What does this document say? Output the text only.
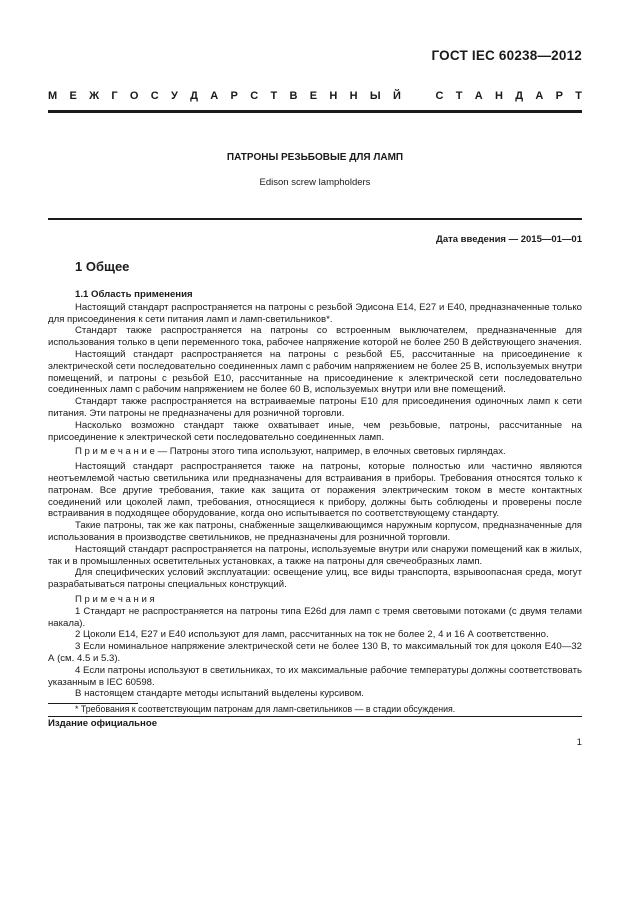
ГОСТ IEC 60238—2012
М Е Ж Г О С У Д А Р С Т В Е Н Н Ы Й	С Т А Н Д А Р Т
ПАТРОНЫ РЕЗЬБОВЫЕ ДЛЯ ЛАМП
Edison screw lampholders
Дата введения — 2015—01—01
1 Общее

1.1 Область применения

Настоящий стандарт распространяется на патроны с резьбой Эдисона E14, E27 и E40, предназначенные только для присоединения к сети питания ламп и ламп-светильников*.

Стандарт также распространяется на патроны со встроенным выключателем, предназначенные для использования только в цепи переменного тока, рабочее напряжение которой не более 250 В действующего значения.

Настоящий стандарт распространяется на патроны с резьбой E5, рассчитанные на присоединение к электрической сети последовательно соединенных ламп с рабочим напряжением не более 25 В, используемых внутри помещений, и патроны с резьбой E10, рассчитанные на присоединение к электрической сети последовательно соединенных ламп с рабочим напряжением не более 60 В, используемых внутри или вне помещений.

Стандарт также распространяется на встраиваемые патроны E10 для присоединения одиночных ламп к сети питания. Эти патроны не предназначены для розничной торговли.

Насколько возможно стандарт также охватывает иные, чем резьбовые, патроны, рассчитанные на присоединение к электрической сети последовательно соединенных ламп.

П р и м е ч а н и е — Патроны этого типа используют, например, в елочных световых гирляндах.

Настоящий стандарт распространяется также на патроны, которые полностью или частично являются неотъемлемой частью светильника или предназначены для встраивания в приборы. Требования относятся только к патронам. Все другие требования, такие как защита от поражения электрическим током в месте контактных соединений или цоколей ламп, требования, относящиеся к прибору, должны быть соблюдены и проверены после встраивания в подходящее оборудование, когда оно испытывается по соответствующему стандарту.

Такие патроны, так же как патроны, снабженные защелкивающимся наружным корпусом, предназначенные для использования в производстве светильников, не предназначены для розничной торговли.

Настоящий стандарт распространяется на патроны, используемые внутри или снаружи помещений как в жилых, так и в промышленных осветительных установках, а также на патроны для свечеобразных ламп.

Для специфических условий эксплуатации: освещение улиц, все виды транспорта, взрывоопасная среда, могут разрабатываться патроны специальных конструкций.

П р и м е ч а н и я

1 Стандарт не распространяется на патроны типа E26d для ламп с тремя световыми потоками (с двумя телами накала).

2 Цоколи E14, E27 и E40 используют для ламп, рассчитанных на ток не более 2, 4 и 16 А соответственно.

3 Если номинальное напряжение электрической сети не более 130 В, то максимальный ток для цоколя E40—32 А (см. 4.5 и 5.3).

4 Если патроны используют в светильниках, то их максимальные рабочие температуры должны соответствовать указанным в IEC 60598.

В настоящем стандарте методы испытаний выделены курсивом.

* Требования к соответствующим патронам для ламп-светильников — в стадии обсуждения.

Издание официальное

1
